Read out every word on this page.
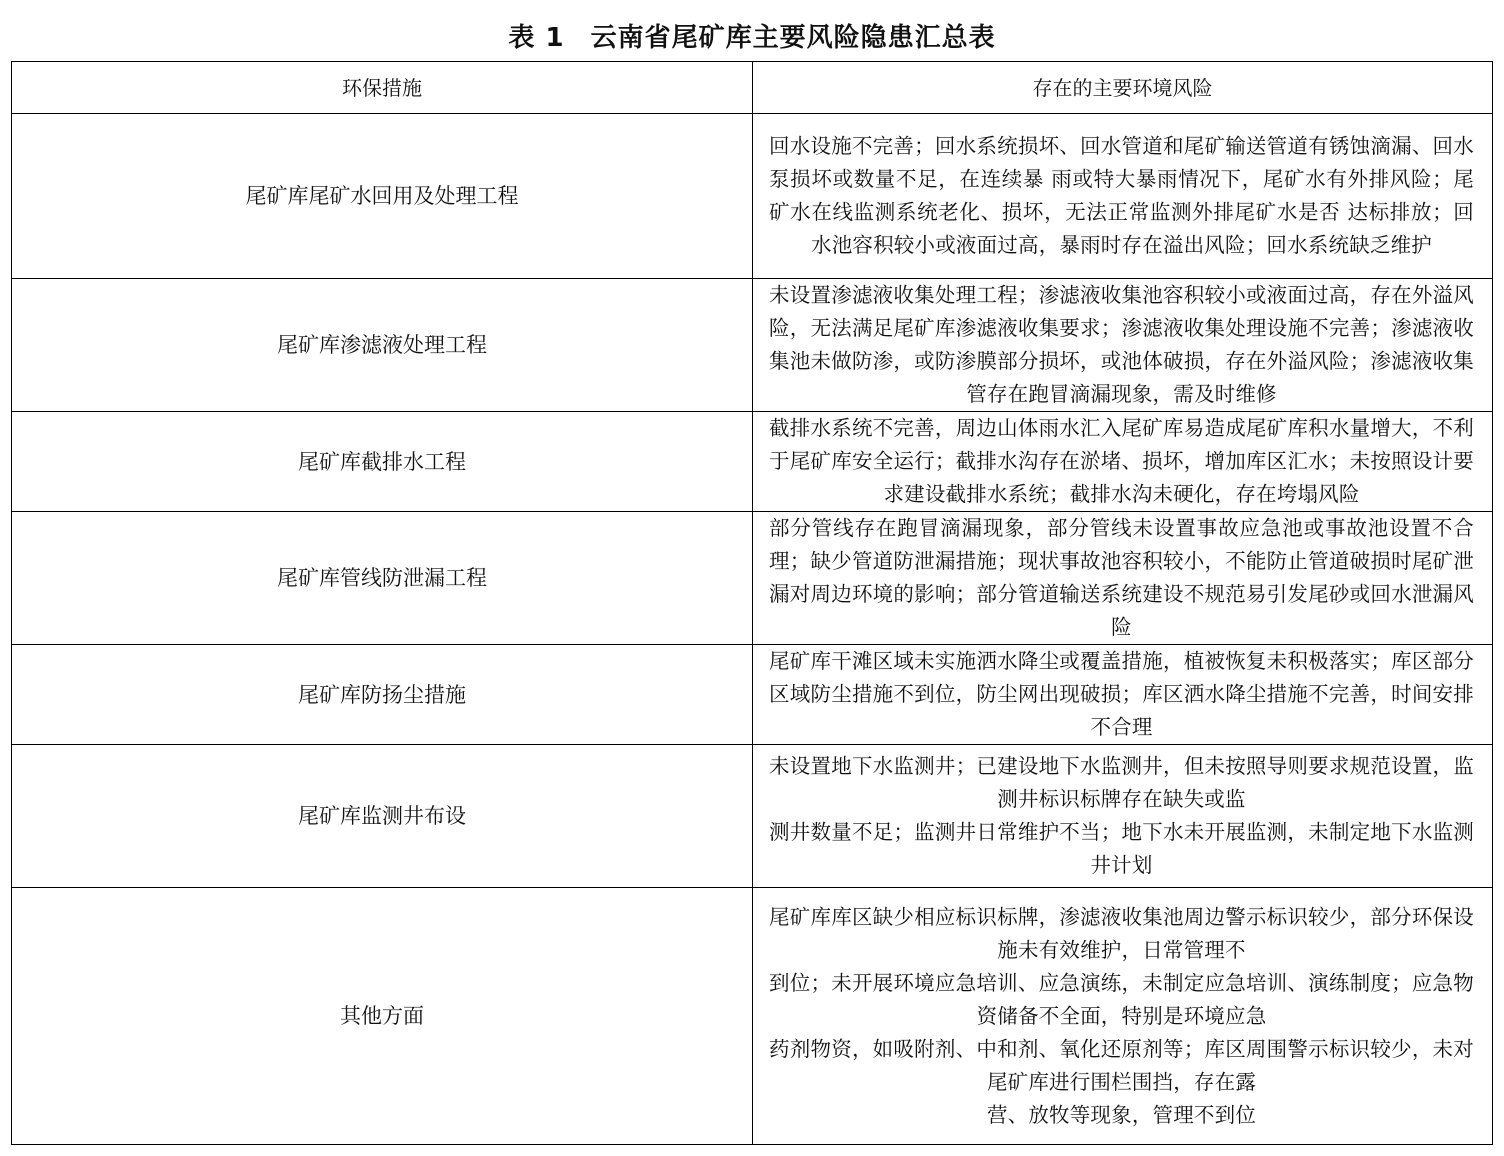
表 1 云南省尾矿库主要风险隐患汇总表
环保措施	存在的主要环境风险
尾矿库尾矿水回用及处理工程	回水设施不完善；回水系统损坏、回水管道和尾矿输送管道有锈蚀滴漏、回水泵损坏或数量不足，在连续暴 雨或特大暴雨情况下，尾矿水有外排风险；尾矿水在线监测系统老化、损坏，无法正常监测外排尾矿水是否 达标排放；回水池容积较小或液面过高，暴雨时存在溢出风险；回水系统缺乏维护

尾矿库渗滤液处理工程	未设置渗滤液收集处理工程；渗滤液收集池容积较小或液面过高，存在外溢风险，无法满足尾矿库渗滤液收集要求；渗滤液收集处理设施不完善；渗滤液收集池未做防渗，或防渗膜部分损坏，或池体破损，存在外溢风险；渗滤液收集管存在跑冒滴漏现象，需及时维修

尾矿库截排水工程	截排水系统不完善，周边山体雨水汇入尾矿库易造成尾矿库积水量增大，不利于尾矿库安全运行；截排水沟存在淤堵、损坏，增加库区汇水；未按照设计要求建设截排水系统；截排水沟未硬化，存在垮塌风险

尾矿库管线防泄漏工程	部分管线存在跑冒滴漏现象，部分管线未设置事故应急池或事故池设置不合理；缺少管道防泄漏措施；现状事故池容积较小，不能防止管道破损时尾矿泄漏对周边环境的影响；部分管道输送系统建设不规范易引发尾砂或回水泄漏风险

尾矿库防扬尘措施	尾矿库干滩区域未实施洒水降尘或覆盖措施，植被恢复未积极落实；库区部分区域防尘措施不到位，防尘网出现破损；库区洒水降尘措施不完善，时间安排不合理

尾矿库监测井布设	未设置地下水监测井；已建设地下水监测井，但未按照导则要求规范设置，监测井标识标牌存在缺失或监
测井数量不足；监测井日常维护不当；地下水未开展监测，未制定地下水监测井计划

其他方面	尾矿库库区缺少相应标识标牌，渗滤液收集池周边警示标识较少，部分环保设施未有效维护，日常管理不
到位；未开展环境应急培训、应急演练，未制定应急培训、演练制度；应急物资储备不全面，特别是环境应急
药剂物资，如吸附剂、中和剂、氧化还原剂等；库区周围警示标识较少，未对尾矿库进行围栏围挡，存在露
营、放牧等现象，管理不到位
